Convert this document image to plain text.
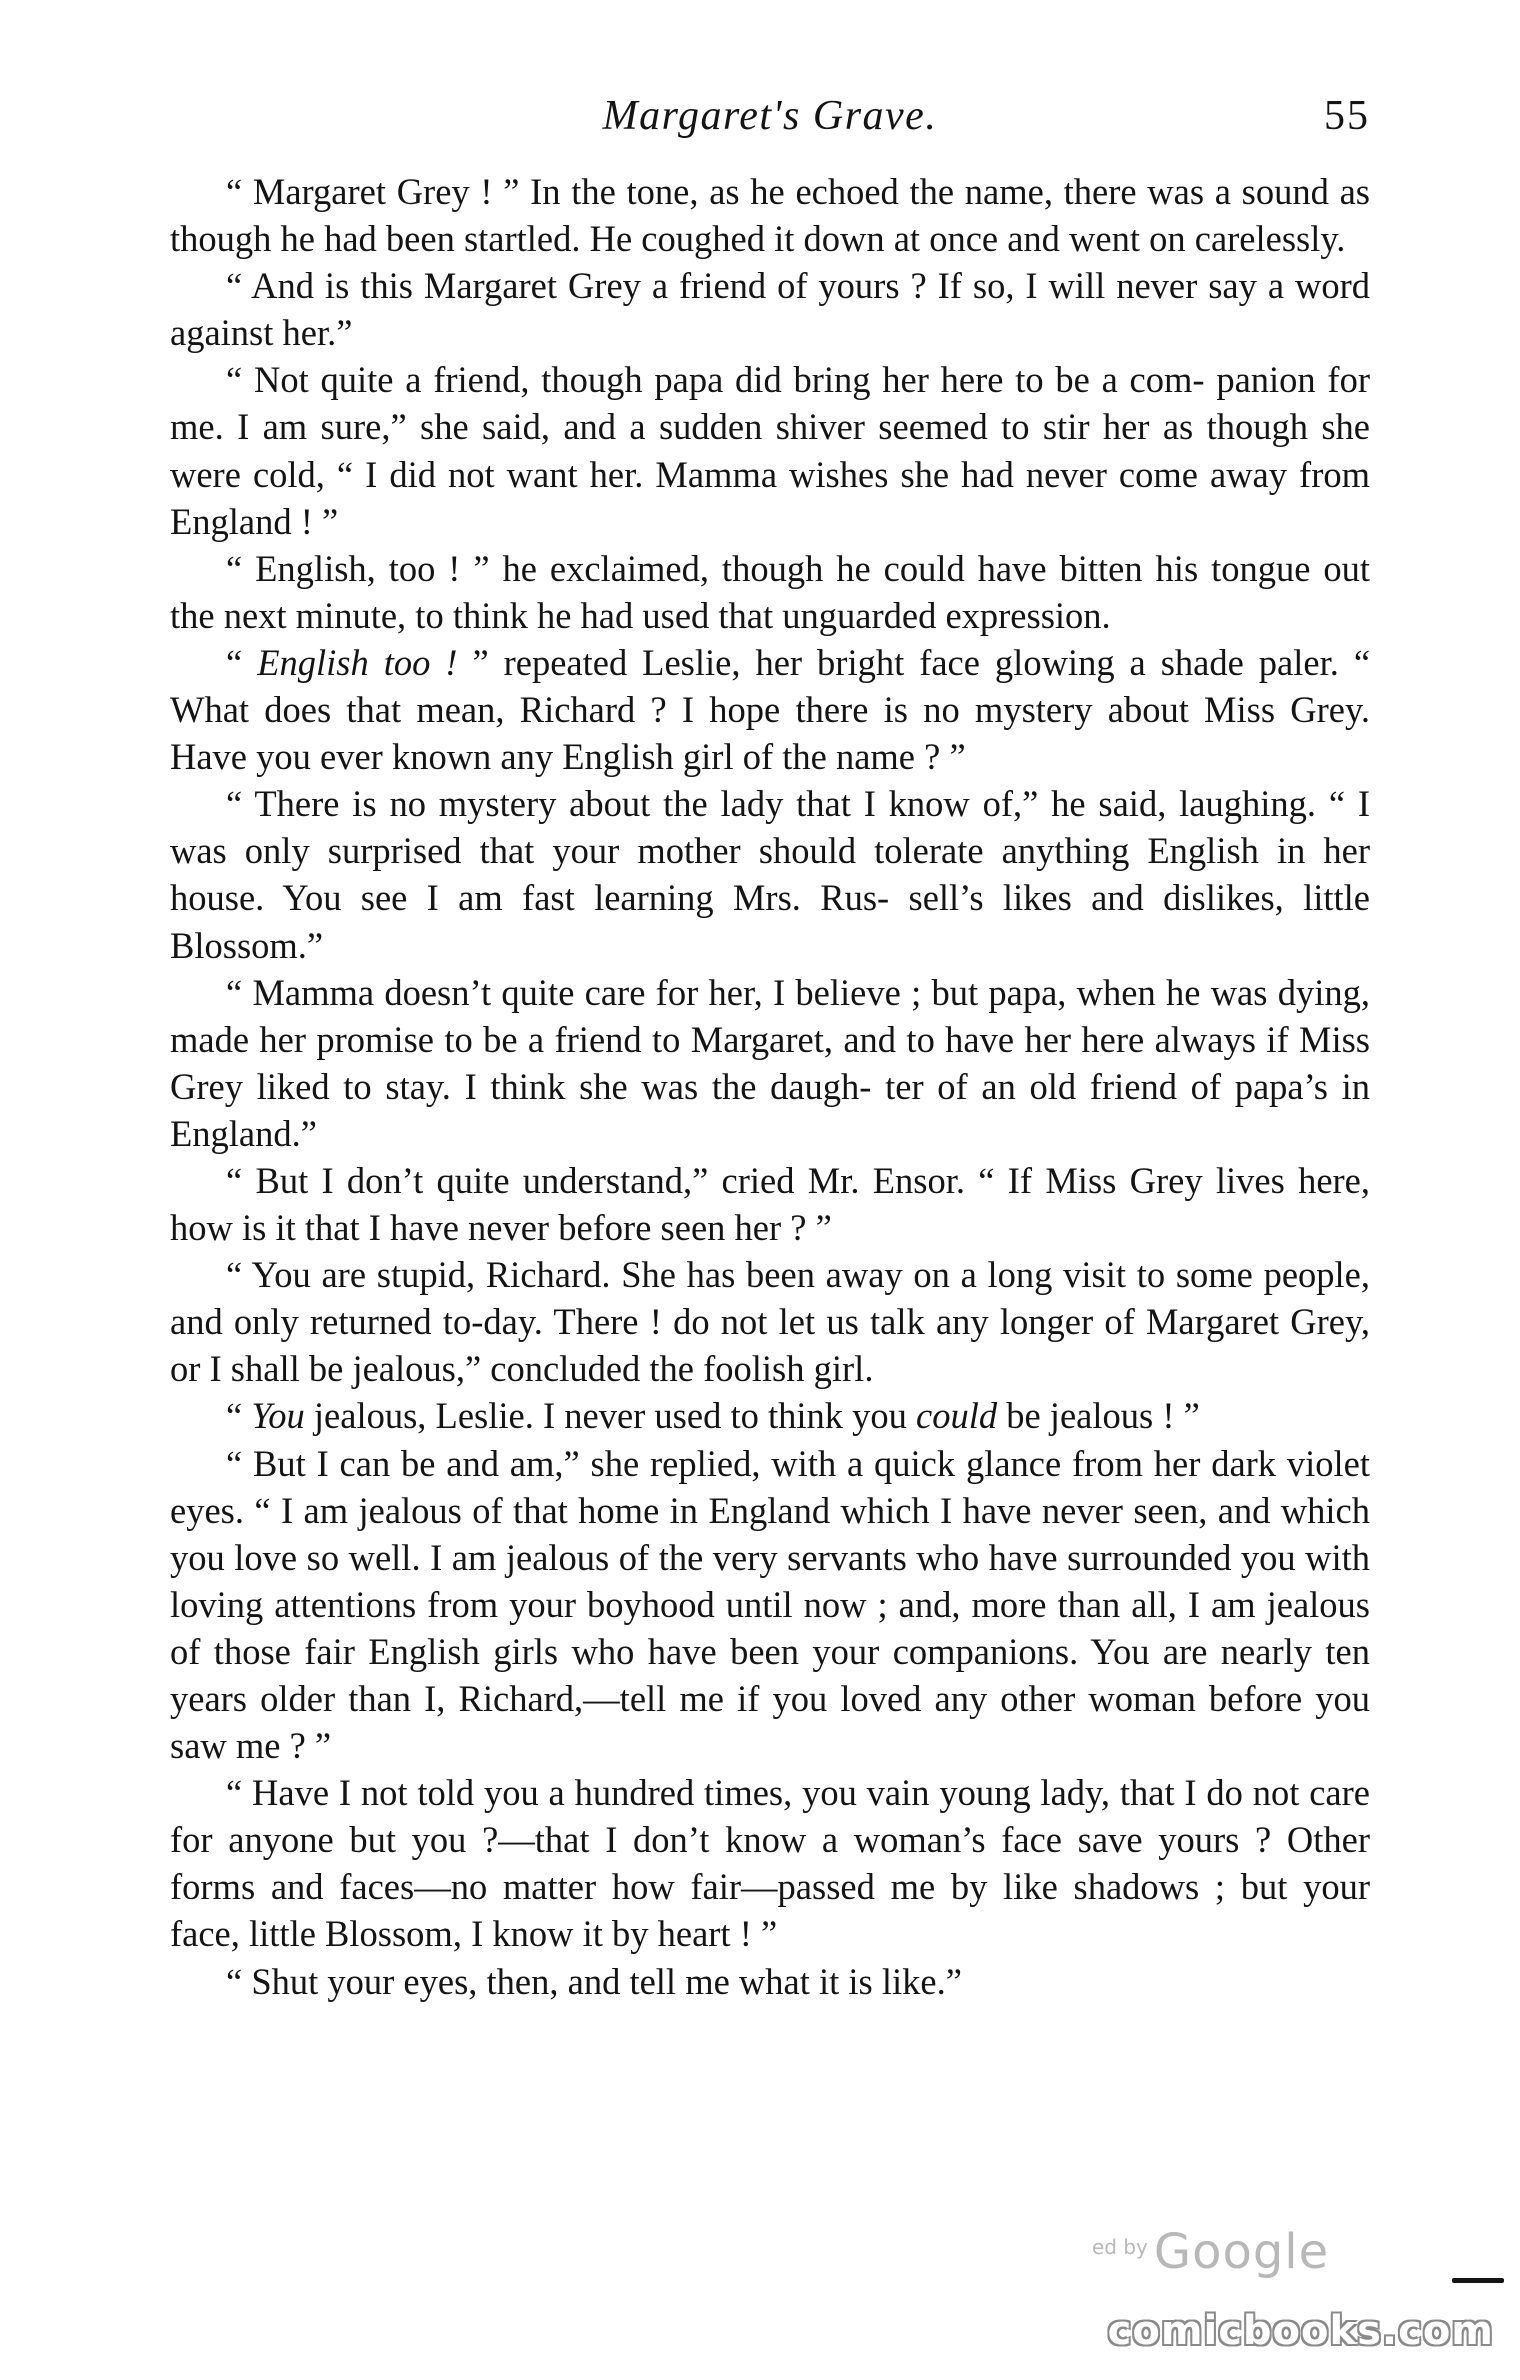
Margaret's Grave.	55

“ Margaret Grey ! ” In the tone, as he echoed the name, there was a sound as though he had been startled. He coughed it down at once and went on carelessly.

“ And is this Margaret Grey a friend of yours ? If so, I will never say a word against her.”

“ Not quite a friend, though papa did bring her here to be a com- panion for me. I am sure,” she said, and a sudden shiver seemed to stir her as though she were cold, “ I did not want her. Mamma wishes she had never come away from England ! ”

“ English, too ! ” he exclaimed, though he could have bitten his tongue out the next minute, to think he had used that unguarded expression.

“ English too ! ” repeated Leslie, her bright face glowing a shade paler. “ What does that mean, Richard ? I hope there is no mystery about Miss Grey. Have you ever known any English girl of the name ? ”

“ There is no mystery about the lady that I know of,” he said, laughing. “ I was only surprised that your mother should tolerate anything English in her house. You see I am fast learning Mrs. Rus- sell’s likes and dislikes, little Blossom.”

“ Mamma doesn’t quite care for her, I believe ; but papa, when he was dying, made her promise to be a friend to Margaret, and to have her here always if Miss Grey liked to stay. I think she was the daugh- ter of an old friend of papa’s in England.”

“ But I don’t quite understand,” cried Mr. Ensor. “ If Miss Grey lives here, how is it that I have never before seen her ? ”

“ You are stupid, Richard. She has been away on a long visit to some people, and only returned to-day. There ! do not let us talk any longer of Margaret Grey, or I shall be jealous,” concluded the foolish girl.

“ You jealous, Leslie. I never used to think you could be jealous ! ”

“ But I can be and am,” she replied, with a quick glance from her dark violet eyes. “ I am jealous of that home in England which I have never seen, and which you love so well. I am jealous of the very servants who have surrounded you with loving attentions from your boyhood until now ; and, more than all, I am jealous of those fair English girls who have been your companions. You are nearly ten years older than I, Richard,—tell me if you loved any other woman before you saw me ? ”

“ Have I not told you a hundred times, you vain young lady, that I do not care for anyone but you ?—that I don’t know a woman’s face save yours ? Other forms and faces—no matter how fair—passed me by like shadows ; but your face, little Blossom, I know it by heart ! ”

“ Shut your eyes, then, and tell me what it is like.”

ed by Google
comicbooks.com
